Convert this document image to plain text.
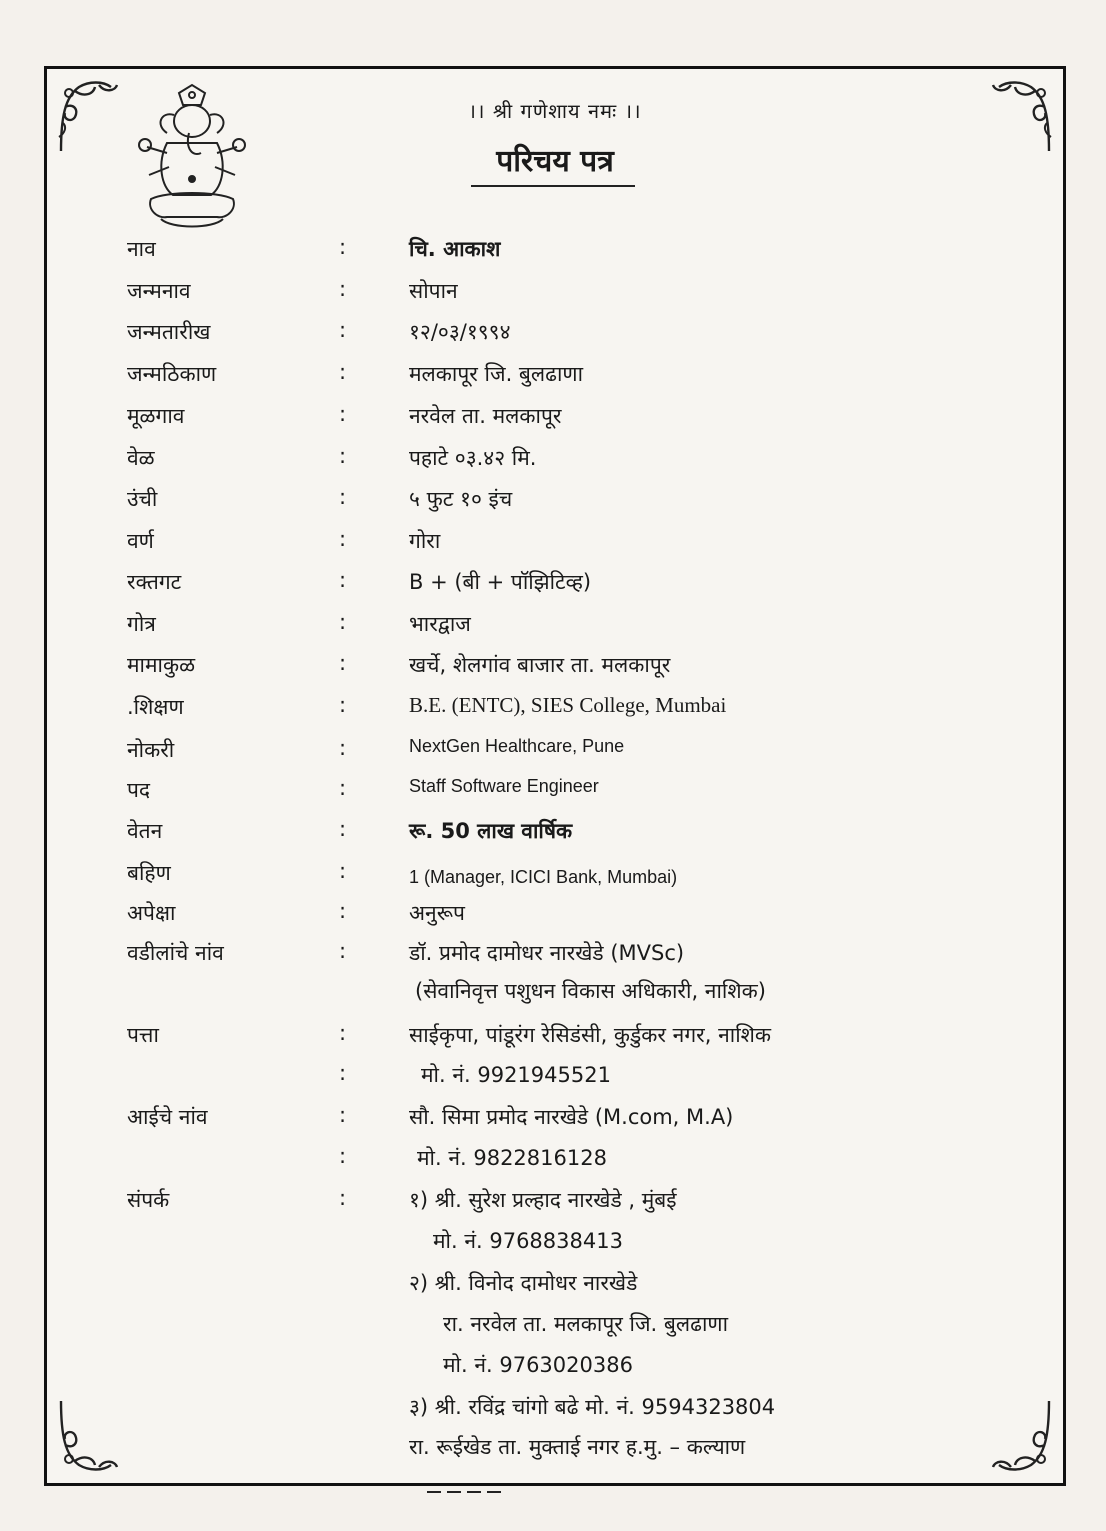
।। श्री गणेशाय नमः ।।
परिचय पत्र
नाव	:	चि. आकाश
जन्मनाव	:	सोपान
जन्मतारीख	:	१२/०३/१९९४
जन्मठिकाण	:	मलकापूर जि. बुलढाणा
मूळगाव	:	नरवेल ता. मलकापूर
वेळ	:	पहाटे ०३.४२ मि.
उंची	:	५ फुट १० इंच
वर्ण	:	गोरा
रक्तगट	:	B + (बी + पॉझिटिव्ह)
गोत्र	:	भारद्वाज
मामाकुळ	:	खर्चे, शेलगांव बाजार ता. मलकापूर
.शिक्षण	:	B.E. (ENTC), SIES College, Mumbai
नोकरी	:	NextGen Healthcare, Pune
पद	:	Staff Software Engineer
वेतन	:	रू. 50 लाख वार्षिक
बहिण	:	1 (Manager, ICICI Bank, Mumbai)
अपेक्षा	:	अनुरूप
वडीलांचे नांव	:	डॉ. प्रमोद दामोधर नारखेडे (MVSc)
(सेवानिवृत्त पशुधन विकास अधिकारी, नाशिक)
पत्ता	:	साईकृपा, पांडूरंग रेसिडंसी, कुर्डुकर नगर, नाशिक
:	मो. नं. 9921945521
आईचे नांव	:	सौ. सिमा प्रमोद नारखेडे (M.com, M.A)
:	मो. नं. 9822816128
संपर्क	:	१) श्री. सुरेश प्रल्हाद नारखेडे , मुंबई
मो. नं. 9768838413
२) श्री. विनोद दामोधर नारखेडे
रा. नरवेल ता. मलकापूर जि. बुलढाणा
मो. नं. 9763020386
३) श्री. रविंद्र चांगो बढे मो. नं. 9594323804
रा. रूईखेड ता. मुक्ताई नगर ह.मु. – कल्याण
